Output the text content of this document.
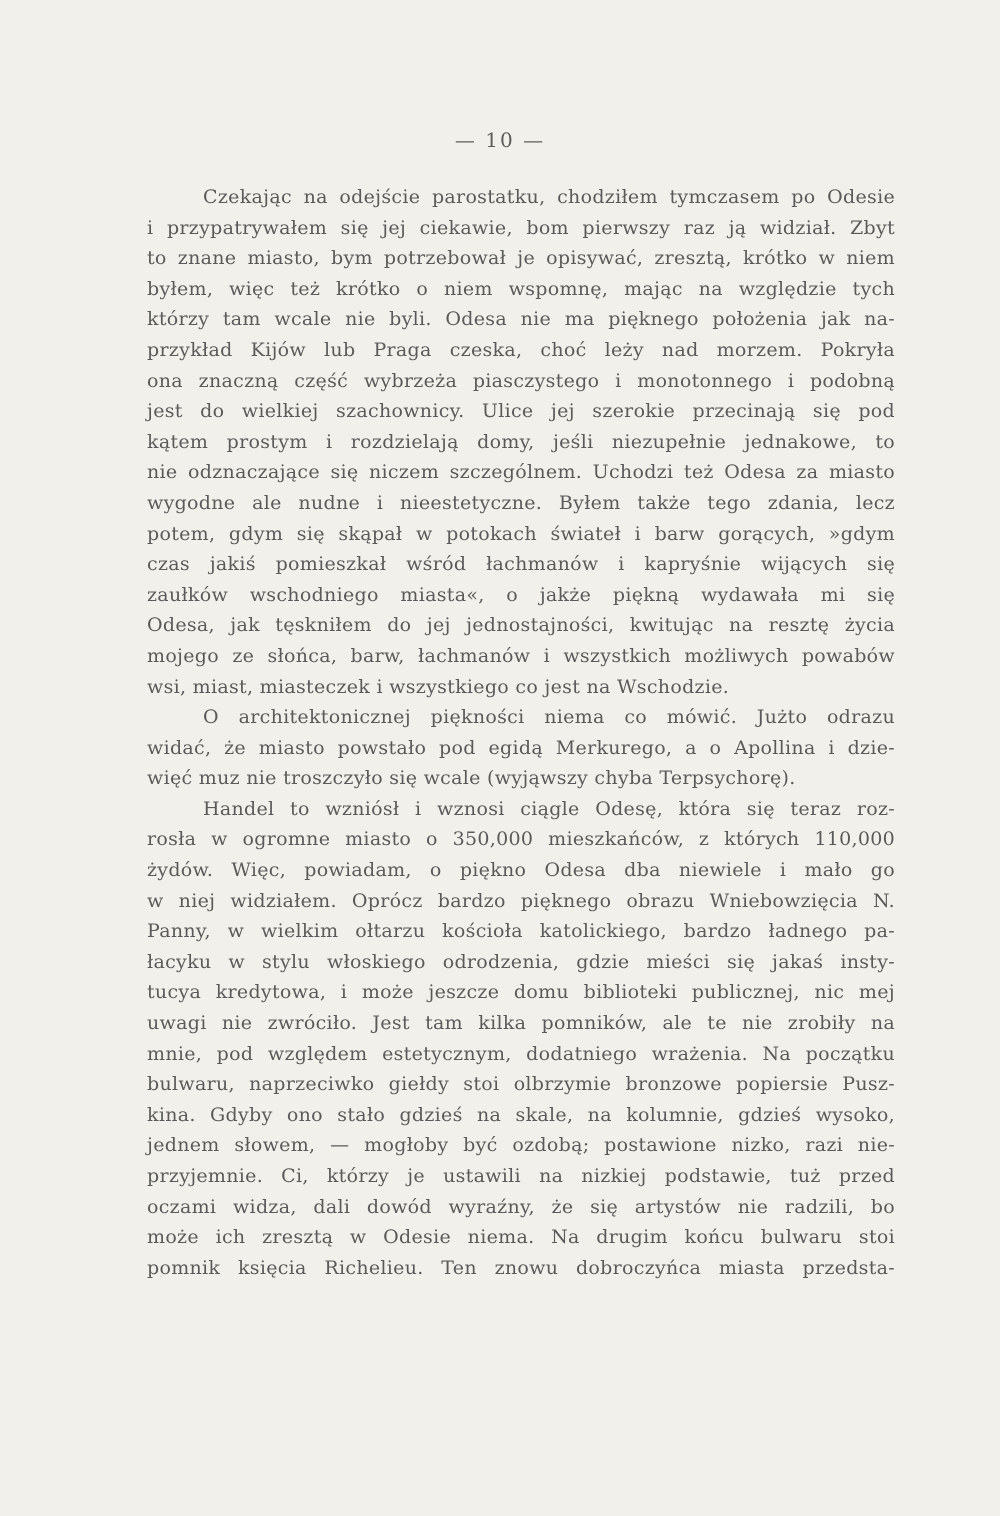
— 10 —
Czekając na odejście parostatku, chodziłem tymczasem po Odesie
i przypatrywałem się jej ciekawie, bom pierwszy raz ją widział. Zbyt
to znane miasto, bym potrzebował je opisywać, zresztą, krótko w niem
byłem, więc też krótko o niem wspomnę, mając na względzie tych
którzy tam wcale nie byli. Odesa nie ma pięknego położenia jak na-
przykład Kijów lub Praga czeska, choć leży nad morzem. Pokryła
ona znaczną część wybrzeża piasczystego i monotonnego i podobną
jest do wielkiej szachownicy. Ulice jej szerokie przecinają się pod
kątem prostym i rozdzielają domy, jeśli niezupełnie jednakowe, to
nie odznaczające się niczem szczególnem. Uchodzi też Odesa za miasto
wygodne ale nudne i nieestetyczne. Byłem także tego zdania, lecz
potem, gdym się skąpał w potokach świateł i barw gorących, »gdym
czas jakiś pomieszkał wśród łachmanów i kapryśnie wijących się
zaułków wschodniego miasta«, o jakże piękną wydawała mi się
Odesa, jak tęskniłem do jej jednostajności, kwitując na resztę życia
mojego ze słońca, barw, łachmanów i wszystkich możliwych powabów
wsi, miast, miasteczek i wszystkiego co jest na Wschodzie.
O architektonicznej piękności niema co mówić. Jużto odrazu
widać, że miasto powstało pod egidą Merkurego, a o Apollina i dzie-
więć muz nie troszczyło się wcale (wyjąwszy chyba Terpsychorę).
Handel to wzniósł i wznosi ciągle Odesę, która się teraz roz-
rosła w ogromne miasto o 350,000 mieszkańców, z których 110,000
żydów. Więc, powiadam, o piękno Odesa dba niewiele i mało go
w niej widziałem. Oprócz bardzo pięknego obrazu Wniebowzięcia N.
Panny, w wielkim ołtarzu kościoła katolickiego, bardzo ładnego pa-
łacyku w stylu włoskiego odrodzenia, gdzie mieści się jakaś insty-
tucya kredytowa, i może jeszcze domu biblioteki publicznej, nic mej
uwagi nie zwróciło. Jest tam kilka pomników, ale te nie zrobiły na
mnie, pod względem estetycznym, dodatniego wrażenia. Na początku
bulwaru, naprzeciwko giełdy stoi olbrzymie bronzowe popiersie Pusz-
kina. Gdyby ono stało gdzieś na skale, na kolumnie, gdzieś wysoko,
jednem słowem, — mogłoby być ozdobą; postawione nizko, razi nie-
przyjemnie. Ci, którzy je ustawili na nizkiej podstawie, tuż przed
oczami widza, dali dowód wyraźny, że się artystów nie radzili, bo
może ich zresztą w Odesie niema. Na drugim końcu bulwaru stoi
pomnik księcia Richelieu. Ten znowu dobroczyńca miasta przedsta-
